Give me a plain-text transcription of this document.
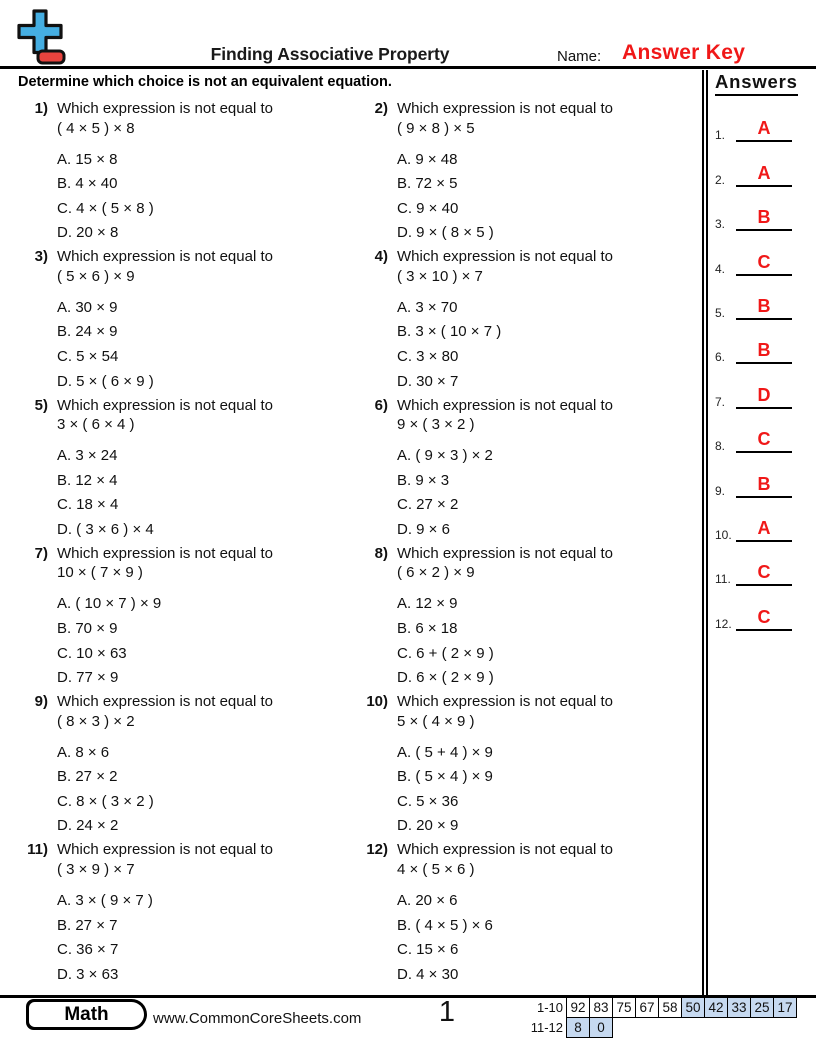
Finding Associative Property	Name: Answer Key
Determine which choice is not an equivalent equation.
1) Which expression is not equal to
( 4 × 5 ) × 8
A. 15 × 8
B. 4 × 40
C. 4 × ( 5 × 8 )
D. 20 × 8
2) Which expression is not equal to
( 9 × 8 ) × 5
A. 9 × 48
B. 72 × 5
C. 9 × 40
D. 9 × ( 8 × 5 )
3) Which expression is not equal to
( 5 × 6 ) × 9
A. 30 × 9
B. 24 × 9
C. 5 × 54
D. 5 × ( 6 × 9 )
4) Which expression is not equal to
( 3 × 10 ) × 7
A. 3 × 70
B. 3 × ( 10 × 7 )
C. 3 × 80
D. 30 × 7
5) Which expression is not equal to
3 × ( 6 × 4 )
A. 3 × 24
B. 12 × 4
C. 18 × 4
D. ( 3 × 6 ) × 4
6) Which expression is not equal to
9 × ( 3 × 2 )
A. ( 9 × 3 ) × 2
B. 9 × 3
C. 27 × 2
D. 9 × 6
7) Which expression is not equal to
10 × ( 7 × 9 )
A. ( 10 × 7 ) × 9
B. 70 × 9
C. 10 × 63
D. 77 × 9
8) Which expression is not equal to
( 6 × 2 ) × 9
A. 12 × 9
B. 6 × 18
C. 6 + ( 2 × 9 )
D. 6 × ( 2 × 9 )
9) Which expression is not equal to
( 8 × 3 ) × 2
A. 8 × 6
B. 27 × 2
C. 8 × ( 3 × 2 )
D. 24 × 2
10) Which expression is not equal to
5 × ( 4 × 9 )
A. ( 5 + 4 ) × 9
B. ( 5 × 4 ) × 9
C. 5 × 36
D. 20 × 9
11) Which expression is not equal to
( 3 × 9 ) × 7
A. 3 × ( 9 × 7 )
B. 27 × 7
C. 36 × 7
D. 3 × 63
12) Which expression is not equal to
4 × ( 5 × 6 )
A. 20 × 6
B. ( 4 × 5 ) × 6
C. 15 × 6
D. 4 × 30
Answers
1.	A
2.	A
3.	B
4.	C
5.	B
6.	B
7.	D
8.	C
9.	B
10.	A
11.	C
12.	C
Math	www.CommonCoreSheets.com	1	1-10 92 83 75 67 58 50 42 33 25 17
11-12 8	0
